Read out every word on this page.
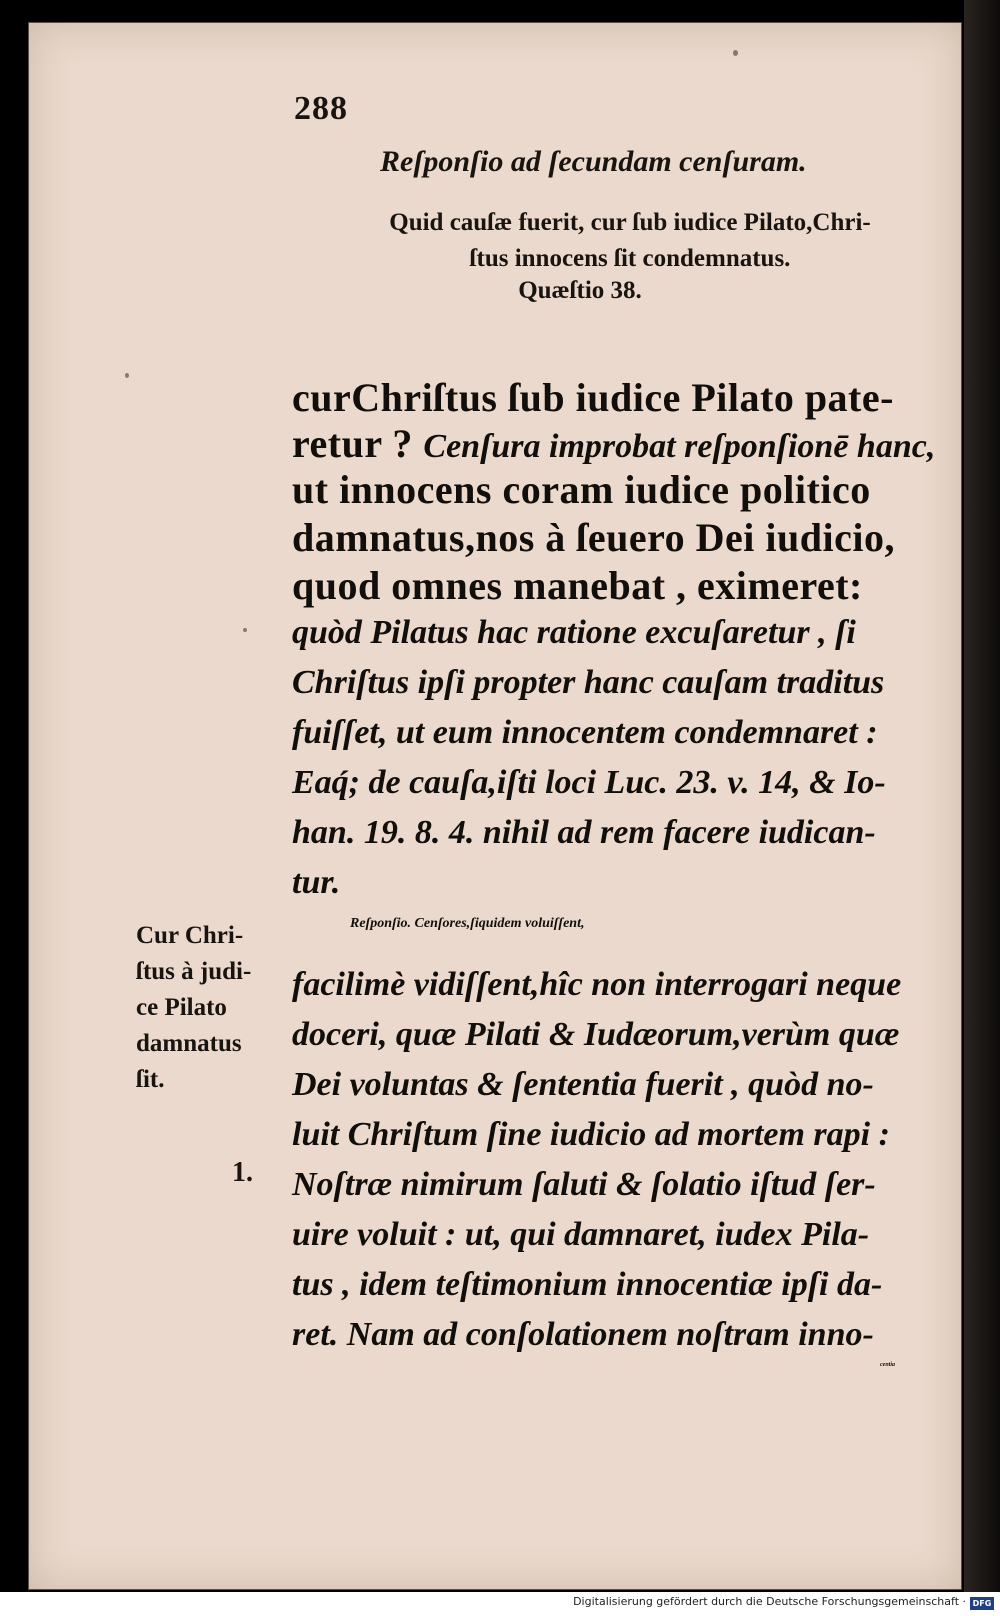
288
Reſponſio ad ſecundam cenſuram.
Quid cauſæ fuerit, cur ſub iudice Pilato,Chri-
ſtus innocens ſit condemnatus.
Quæſtio 38.
curChriſtus ſub iudice Pilato pate-
retur ? Cenſura improbat reſponſionē hanc,
ut innocens coram iudice politico
damnatus,nos à ſeuero Dei iudicio,
quod omnes manebat , eximeret:
quòd Pilatus hac ratione excuſaretur , ſi
Chriſtus ipſi propter hanc cauſam traditus
fuiſſet, ut eum innocentem condemnaret :
Eaq́; de cauſa,iſti loci Luc. 23. v. 14, & Io-
han. 19. 8. 4. nihil ad rem facere iudican-
tur.
Reſponſio. Cenſores,ſiquidem voluiſſent,
facilimè vidiſſent,hîc non interrogari neque
doceri, quæ Pilati & Iudæorum,verùm quæ
Dei voluntas & ſententia fuerit , quòd no-
luit Chriſtum ſine iudicio ad mortem rapi :
Noſtræ nimirum ſaluti & ſolatio iſtud ſer-
uire voluit : ut, qui damnaret, iudex Pila-
tus , idem teſtimonium innocentiæ ipſi da-
ret. Nam ad conſolationem noſtram inno-
centia
Cur Chri-
ſtus à judi-
ce Pilato
damnatus
ſit.
1.
Digitalisierung gefördert durch die Deutsche Forschungsgemeinschaft · DFG
